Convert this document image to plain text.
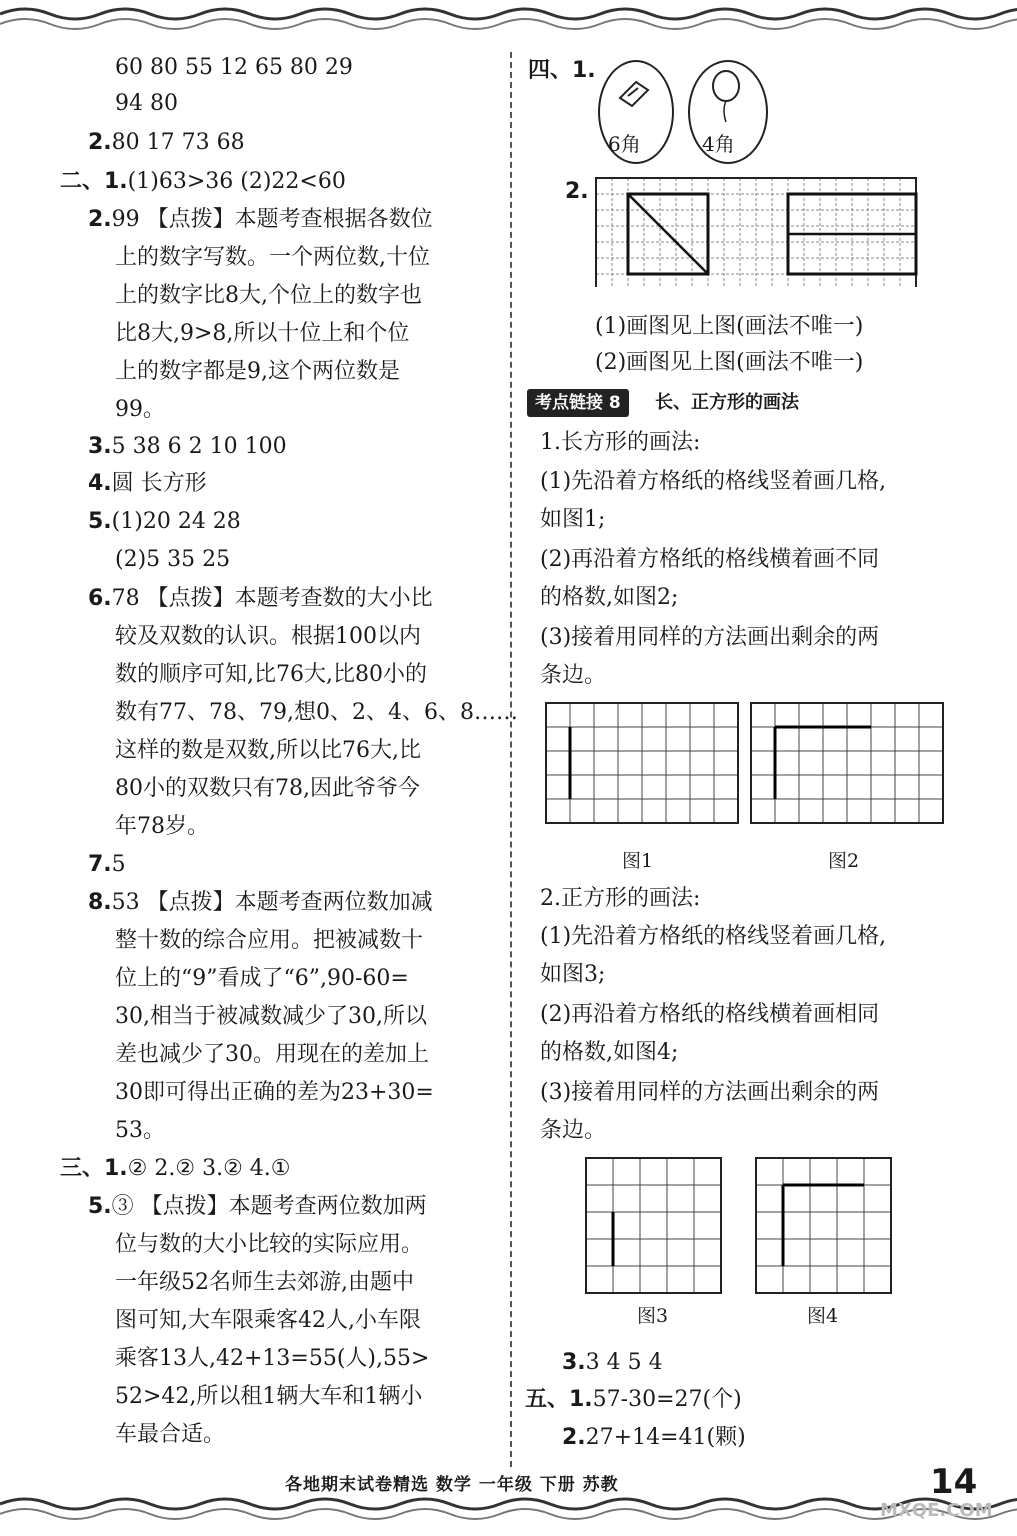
60 80 55 12 65 80 29
94 80
2.80 17 73 68
二、1.(1)63>36 (2)22<60
2.99 【点拨】本题考查根据各数位
上的数字写数。一个两位数,十位
上的数字比8大,个位上的数字也
比8大,9>8,所以十位上和个位
上的数字都是9,这个两位数是
99。
3.5 38 6 2 10 100
4.圆 长方形
5.(1)20 24 28
(2)5 35 25
6.78 【点拨】本题考查数的大小比
较及双数的认识。根据100以内
数的顺序可知,比76大,比80小的
数有77、78、79,想0、2、4、6、8……
这样的数是双数,所以比76大,比
80小的双数只有78,因此爷爷今
年78岁。
7.5
8.53 【点拨】本题考查两位数加减
整十数的综合应用。把被减数十
位上的“9”看成了“6”,90-60=
30,相当于被减数减少了30,所以
差也减少了30。用现在的差加上
30即可得出正确的差为23+30=
53。
三、1.② 2.② 3.② 4.①
5.③ 【点拨】本题考查两位数加两
位与数的大小比较的实际应用。
一年级52名师生去郊游,由题中
图可知,大车限乘客42人,小车限
乘客13人,42+13=55(人),55>
52>42,所以租1辆大车和1辆小
车最合适。
四、1.
6角	4角
2.
(1)画图见上图(画法不唯一)
(2)画图见上图(画法不唯一)
考点链接 8	长、正方形的画法
1.长方形的画法:
(1)先沿着方格纸的格线竖着画几格,
如图1;
(2)再沿着方格纸的格线横着画不同
的格数,如图2;
(3)接着用同样的方法画出剩余的两
条边。
图1	图2
2.正方形的画法:
(1)先沿着方格纸的格线竖着画几格,
如图3;
(2)再沿着方格纸的格线横着画相同
的格数,如图4;
(3)接着用同样的方法画出剩余的两
条边。
图3	图4
3.3 4 5 4
五、1.57-30=27(个)
2.27+14=41(颗)
各地期末试卷精选 数学 一年级 下册 苏教	14
MXQE.COM
